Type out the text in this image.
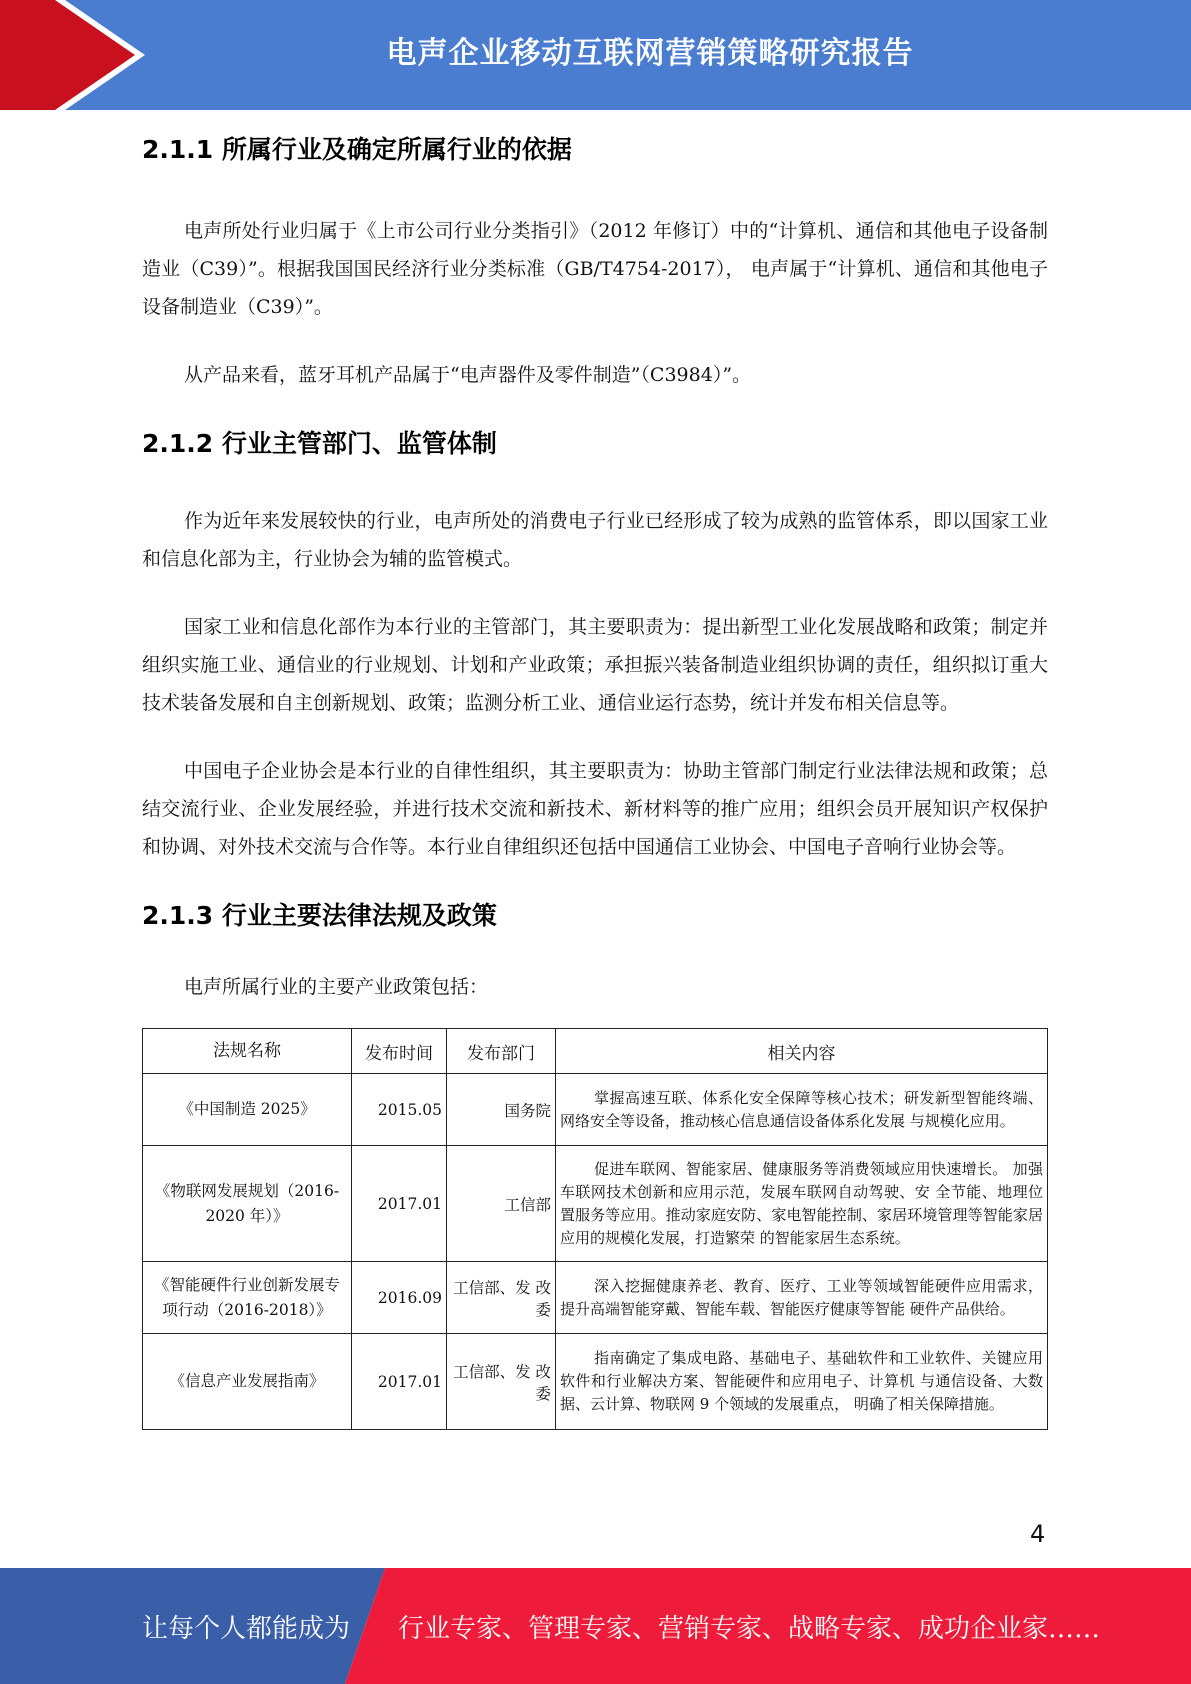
电声企业移动互联网营销策略研究报告
2.1.1 所属行业及确定所属行业的依据

电声所处行业归属于《上市公司行业分类指引》（2012 年修订）中的“计算机、通信和其他电子设备制造业（C39）”。根据我国国民经济行业分类标准（GB/T4754-2017）， 电声属于“计算机、通信和其他电子设备制造业（C39）”。

从产品来看，蓝牙耳机产品属于“电声器件及零件制造”（C3984）”。

2.1.2 行业主管部门、监管体制

作为近年来发展较快的行业，电声所处的消费电子行业已经形成了较为成熟的监管体系，即以国家工业和信息化部为主，行业协会为辅的监管模式。

国家工业和信息化部作为本行业的主管部门，其主要职责为：提出新型工业化发展战略和政策；制定并组织实施工业、通信业的行业规划、计划和产业政策；承担振兴装备制造业组织协调的责任，组织拟订重大技术装备发展和自主创新规划、政策；监测分析工业、通信业运行态势，统计并发布相关信息等。

中国电子企业协会是本行业的自律性组织，其主要职责为：协助主管部门制定行业法律法规和政策；总结交流行业、企业发展经验，并进行技术交流和新技术、新材料等的推广应用；组织会员开展知识产权保护和协调、对外技术交流与合作等。本行业自律组织还包括中国通信工业协会、中国电子音响行业协会等。

2.1.3 行业主要法律法规及政策

电声所属行业的主要产业政策包括：

法规名称	发布时间	发布部门	相关内容
《中国制造 2025》	2015.05	国务院	掌握高速互联、体系化安全保障等核心技术；研发新型智能终端、网络安全等设备，推动核心信息通信设备体系化发展 与规模化应用。
《物联网发展规划（2016-2020 年）》	2017.01	工信部	促进车联网、智能家居、健康服务等消费领域应用快速增长。 加强车联网技术创新和应用示范，发展车联网自动驾驶、安 全节能、地理位置服务等应用。推动家庭安防、家电智能控制、家居环境管理等智能家居应用的规模化发展，打造繁荣 的智能家居生态系统。
《智能硬件行业创新发展专项行动（2016-2018）》	2016.09	工信部、发 改委	深入挖掘健康养老、教育、医疗、工业等领域智能硬件应用需求，提升高端智能穿戴、智能车载、智能医疗健康等智能 硬件产品供给。
《信息产业发展指南》	2017.01	工信部、发 改委	指南确定了集成电路、基础电子、基础软件和工业软件、关键应用软件和行业解决方案、智能硬件和应用电子、计算机 与通信设备、大数据、云计算、物联网 9 个领域的发展重点， 明确了相关保障措施。
4
让每个人都能成为 行业专家、管理专家、营销专家、战略专家、成功企业家……
